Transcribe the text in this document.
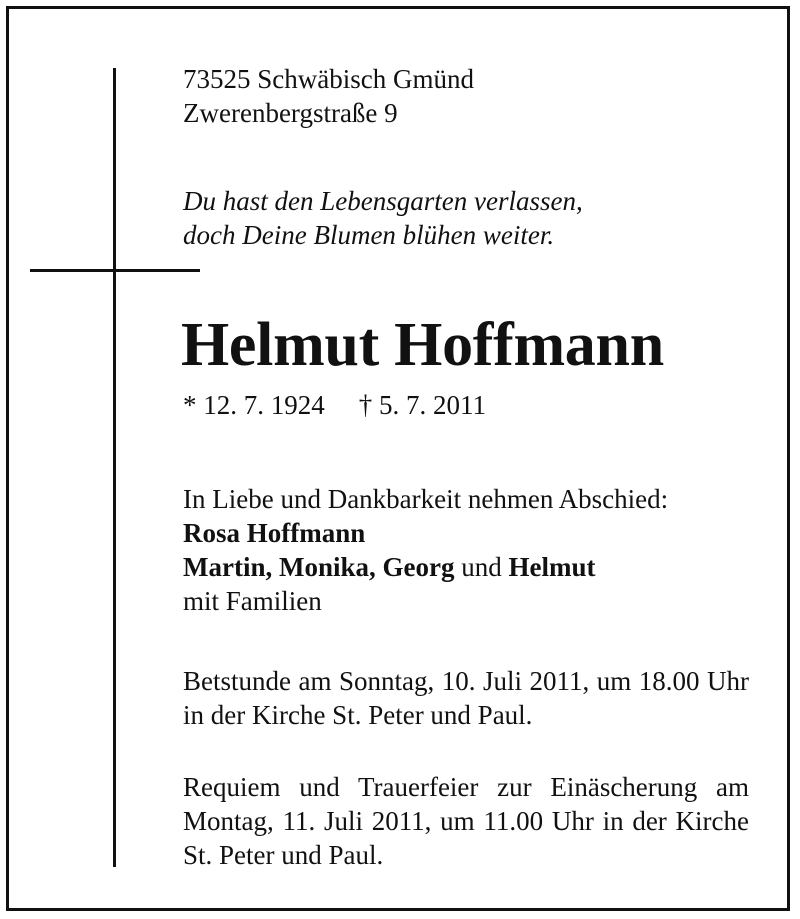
73525 Schwäbisch Gmünd
Zwerenbergstraße 9
Du hast den Lebensgarten verlassen,
doch Deine Blumen blühen weiter.
Helmut Hoffmann
* 12. 7. 1924 † 5. 7. 2011
In Liebe und Dankbarkeit nehmen Abschied:
Rosa Hoffmann
Martin, Monika, Georg und Helmut
mit Familien
Betstunde am Sonntag, 10. Juli 2011, um 18.00 Uhr in der Kirche St. Peter und Paul.
Requiem und Trauerfeier zur Einäscherung am Montag, 11. Juli 2011, um 11.00 Uhr in der Kirche St. Peter und Paul.
